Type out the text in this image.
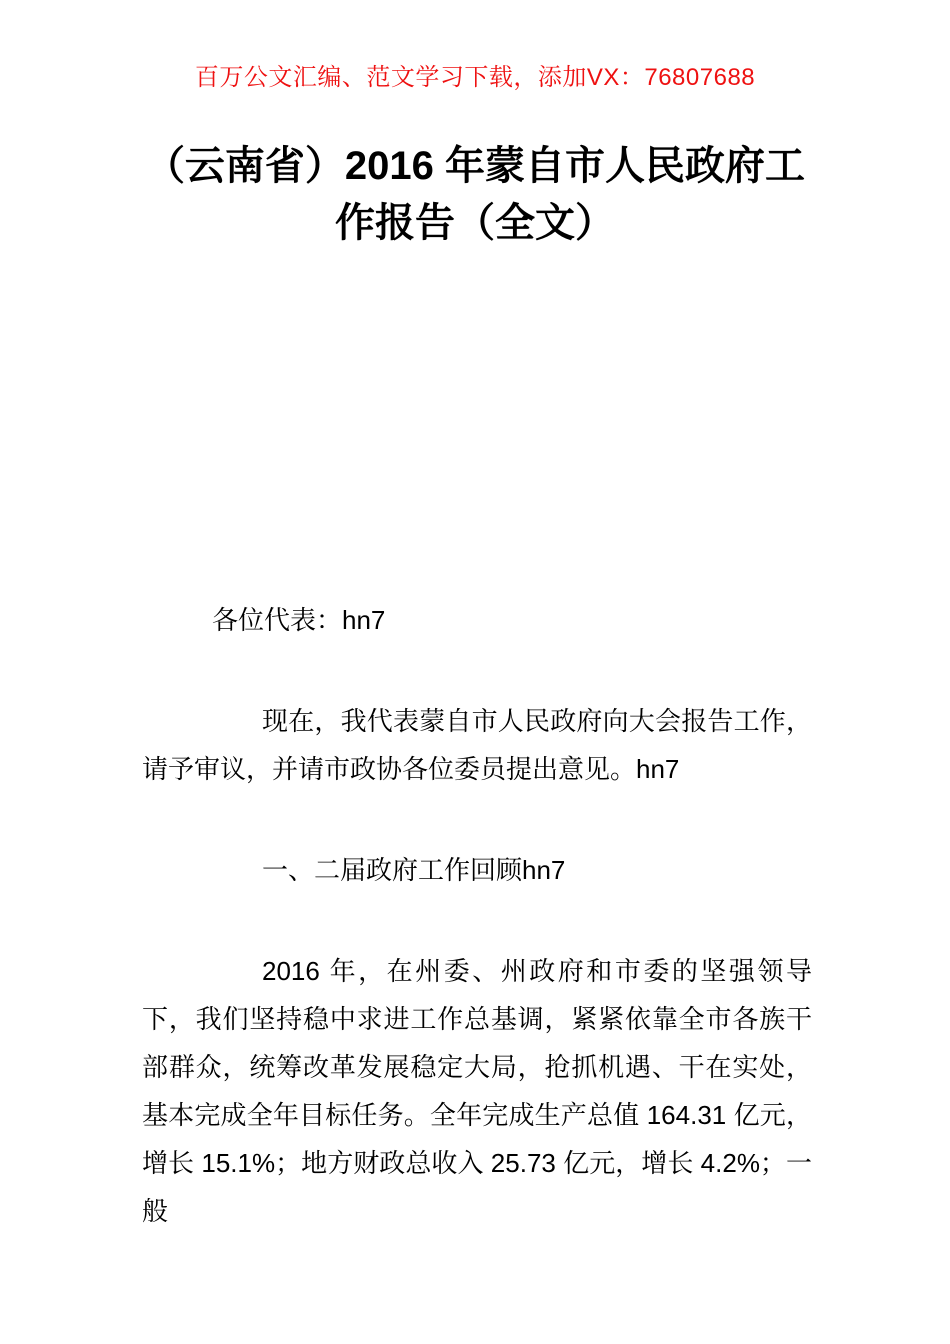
百万公文汇编、范文学习下载，添加VX：76807688
（云南省）2016 年蒙自市人民政府工作报告（全文）

各位代表：hn7

现在，我代表蒙自市人民政府向大会报告工作，请予审议，并请市政协各位委员提出意见。hn7

一、二届政府工作回顾hn7

2016 年，在州委、州政府和市委的坚强领导下，我们坚持稳中求进工作总基调，紧紧依靠全市各族干部群众，统筹改革发展稳定大局，抢抓机遇、干在实处，基本完成全年目标任务。全年完成生产总值 164.31 亿元，增长 15.1%；地方财政总收入 25.73 亿元，增长 4.2%；一般
